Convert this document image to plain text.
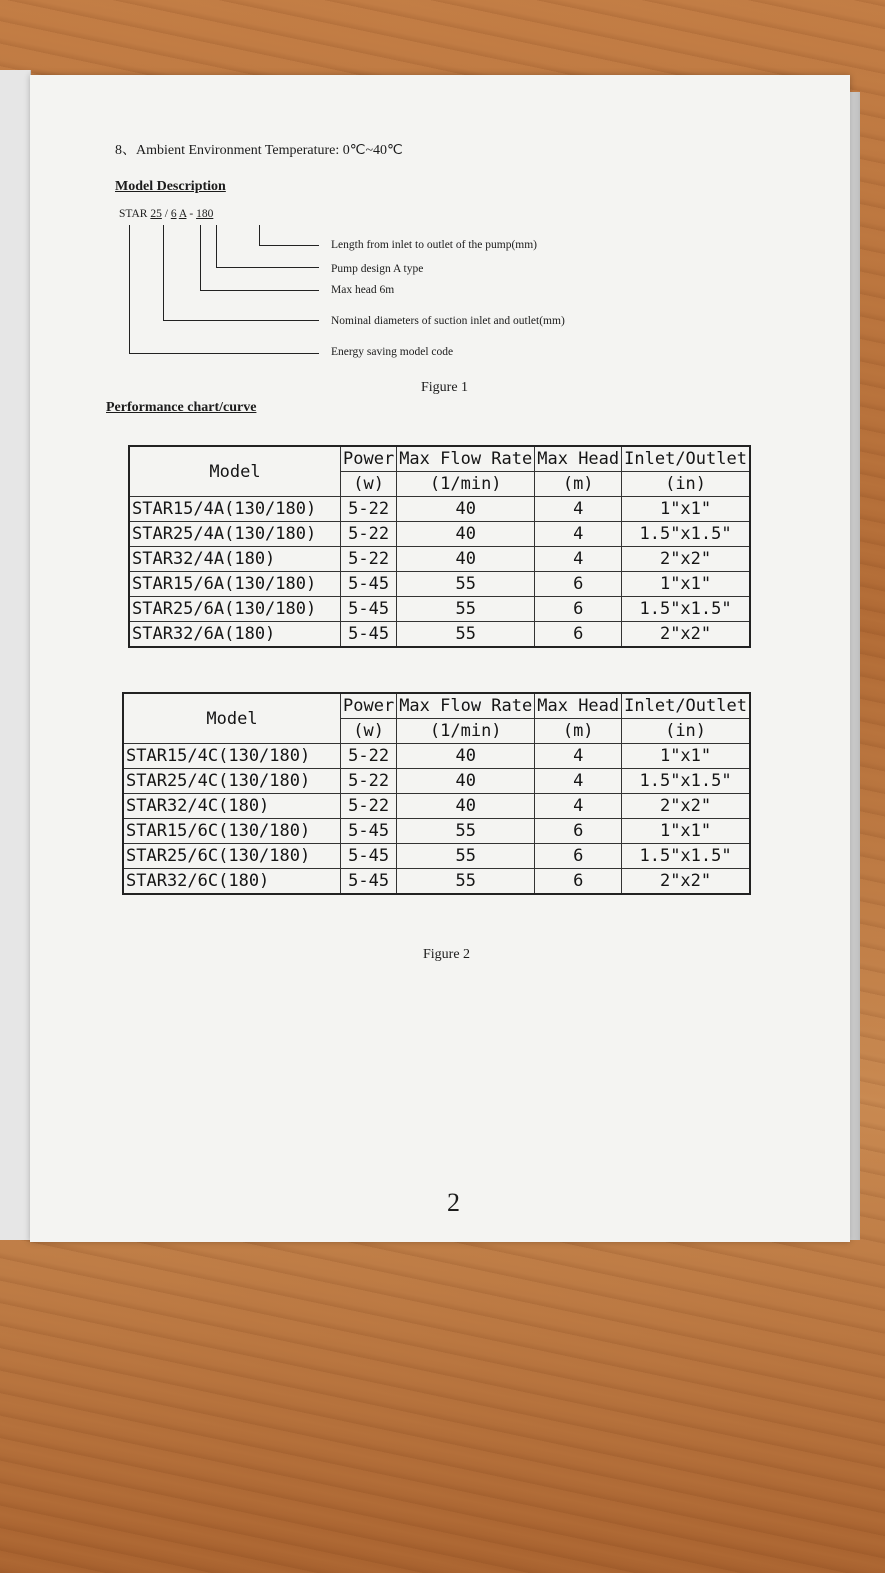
8、Ambient Environment Temperature: 0℃~40℃
Model Description
STAR 25 / 6 A - 180
Length from inlet to outlet of the pump(mm)
Pump design A type
Max head 6m
Nominal diameters of suction inlet and outlet(mm)
Energy saving model code
Figure 1
Performance chart/curve
Model	Power	Max Flow Rate	Max Head	Inlet/Outlet
	(w)	(1/min)	(m)	(in)
STAR15/4A(130/180)	5-22	40	4	1"x1"
STAR25/4A(130/180)	5-22	40	4	1.5"x1.5"
STAR32/4A(180)	5-22	40	4	2"x2"
STAR15/6A(130/180)	5-45	55	6	1"x1"
STAR25/6A(130/180)	5-45	55	6	1.5"x1.5"
STAR32/6A(180)	5-45	55	6	2"x2"
Model	Power	Max Flow Rate	Max Head	Inlet/Outlet
	(w)	(1/min)	(m)	(in)
STAR15/4C(130/180)	5-22	40	4	1"x1"
STAR25/4C(130/180)	5-22	40	4	1.5"x1.5"
STAR32/4C(180)	5-22	40	4	2"x2"
STAR15/6C(130/180)	5-45	55	6	1"x1"
STAR25/6C(130/180)	5-45	55	6	1.5"x1.5"
STAR32/6C(180)	5-45	55	6	2"x2"
Figure 2
2
